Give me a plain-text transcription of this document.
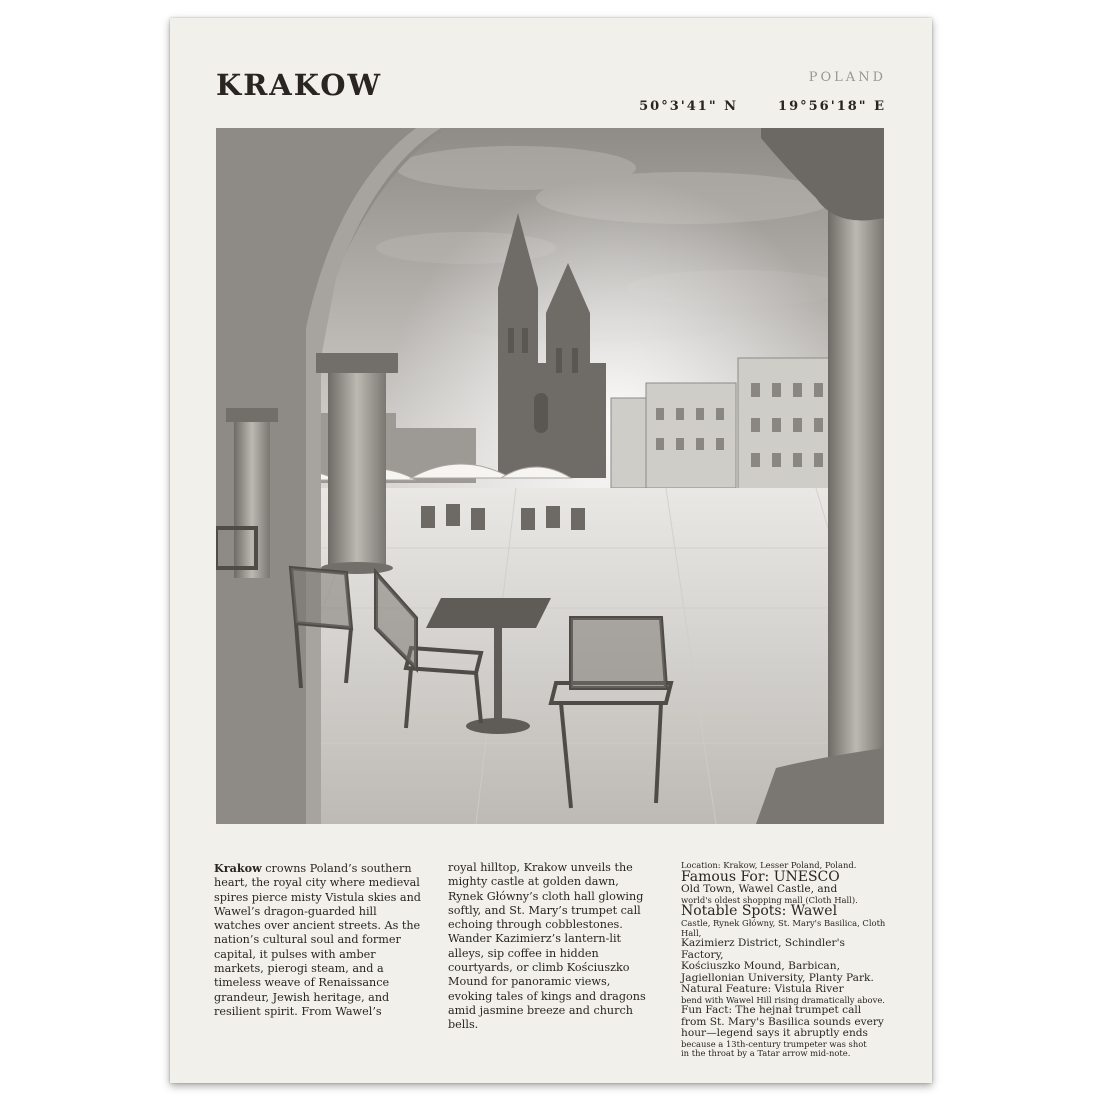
KRAKOW	POLAND
50°3'41" N	19°56'18" E
Krakow crowns Poland’s southern heart, the royal city where medieval spires pierce misty Vistula skies and Wawel’s dragon-guarded hill watches over ancient streets. As the nation’s cultural soul and former capital, it pulses with amber markets, pierogi steam, and a timeless weave of Renaissance grandeur, Jewish heritage, and resilient spirit. From Wawel’s
royal hilltop, Krakow unveils the mighty castle at golden dawn, Rynek Główny’s cloth hall glowing softly, and St. Mary’s trumpet call echoing through cobblestones. Wander Kazimierz’s lantern-lit alleys, sip coffee in hidden courtyards, or climb Kościuszko Mound for panoramic views, evoking tales of kings and dragons amid jasmine breeze and church bells.
Location: Krakow, Lesser Poland, Poland.
Famous For: UNESCO
Old Town, Wawel Castle, and
world's oldest shopping mall (Cloth Hall).
Notable Spots: Wawel
Castle, Rynek Główny, St. Mary's Basilica, Cloth Hall,
Kazimierz District, Schindler's Factory,
Kościuszko Mound, Barbican,
Jagiellonian University, Planty Park.
Natural Feature: Vistula River
bend with Wawel Hill rising dramatically above.
Fun Fact: The hejnał trumpet call
from St. Mary's Basilica sounds every
hour—legend says it abruptly ends
because a 13th-century trumpeter was shot
in the throat by a Tatar arrow mid-note.
